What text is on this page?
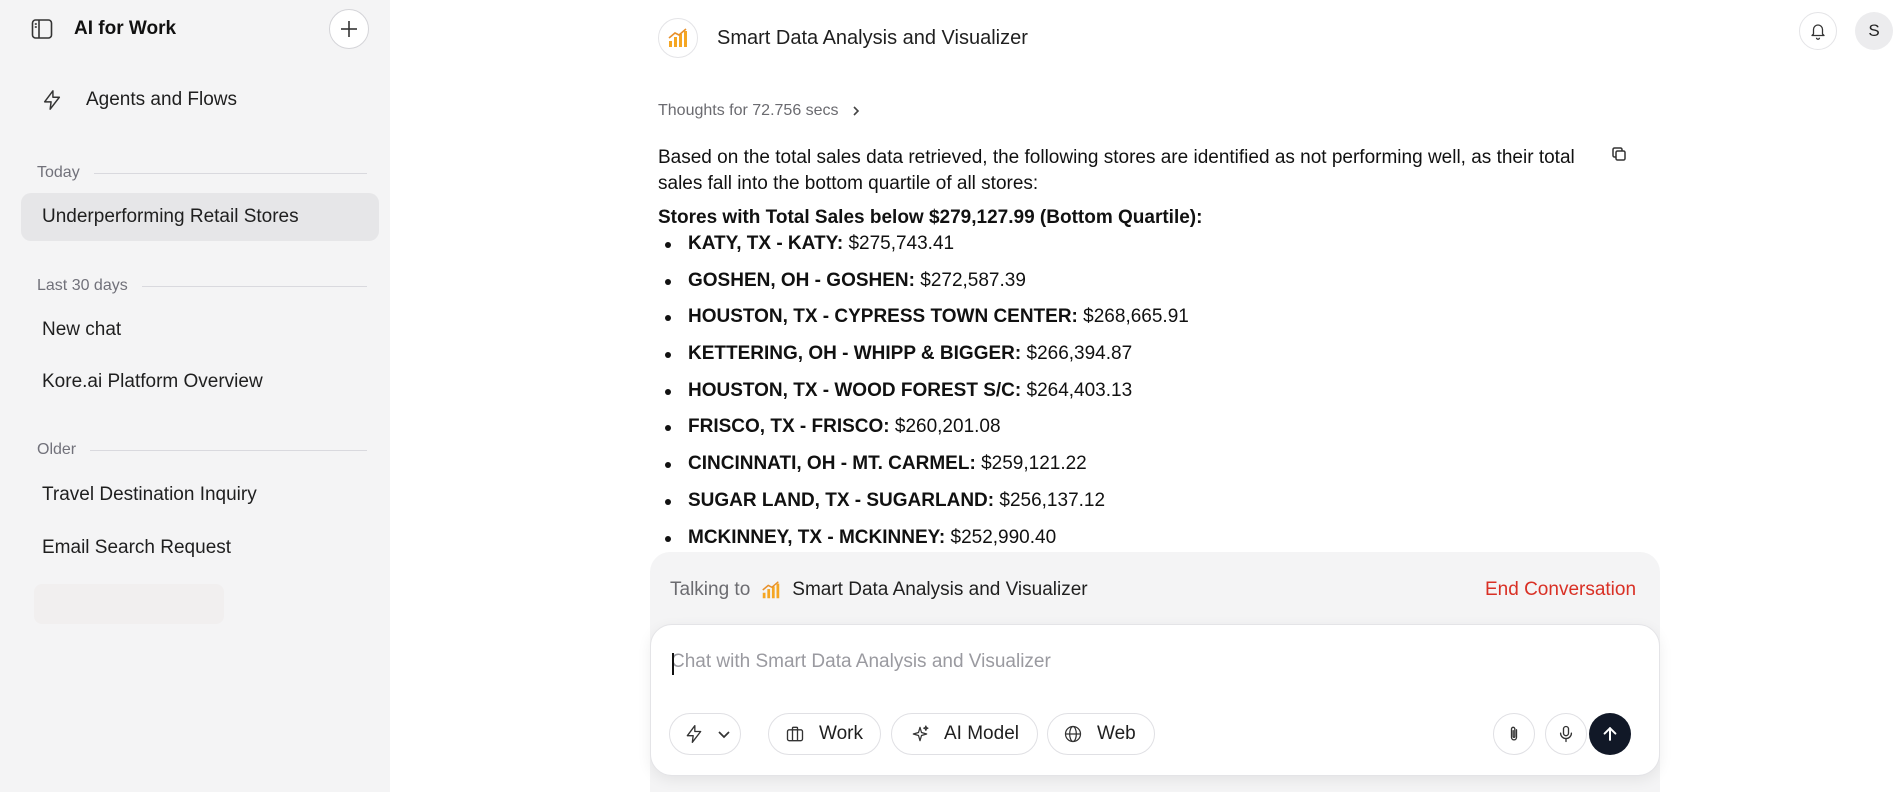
AI for Work
Agents and Flows
Today
Underperforming Retail Stores
Last 30 days
New chat
Kore.ai Platform Overview
Older
Travel Destination Inquiry
Email Search Request
Smart Data Analysis and Visualizer	S
Thoughts for 72.756 secs

Based on the total sales data retrieved, the following stores are identified as not performing well, as their total sales fall into the bottom quartile of all stores:

Stores with Total Sales below $279,127.99 (Bottom Quartile):
KATY, TX - KATY: $275,743.41
GOSHEN, OH - GOSHEN: $272,587.39
HOUSTON, TX - CYPRESS TOWN CENTER: $268,665.91
KETTERING, OH - WHIPP & BIGGER: $266,394.87
HOUSTON, TX - WOOD FOREST S/C: $264,403.13
FRISCO, TX - FRISCO: $260,201.08
CINCINNATI, OH - MT. CARMEL: $259,121.22
SUGAR LAND, TX - SUGARLAND: $256,137.12
MCKINNEY, TX - MCKINNEY: $252,990.40
Talking to Smart Data Analysis and Visualizer	End Conversation
Chat with Smart Data Analysis and Visualizer
Work	AI Model	Web
